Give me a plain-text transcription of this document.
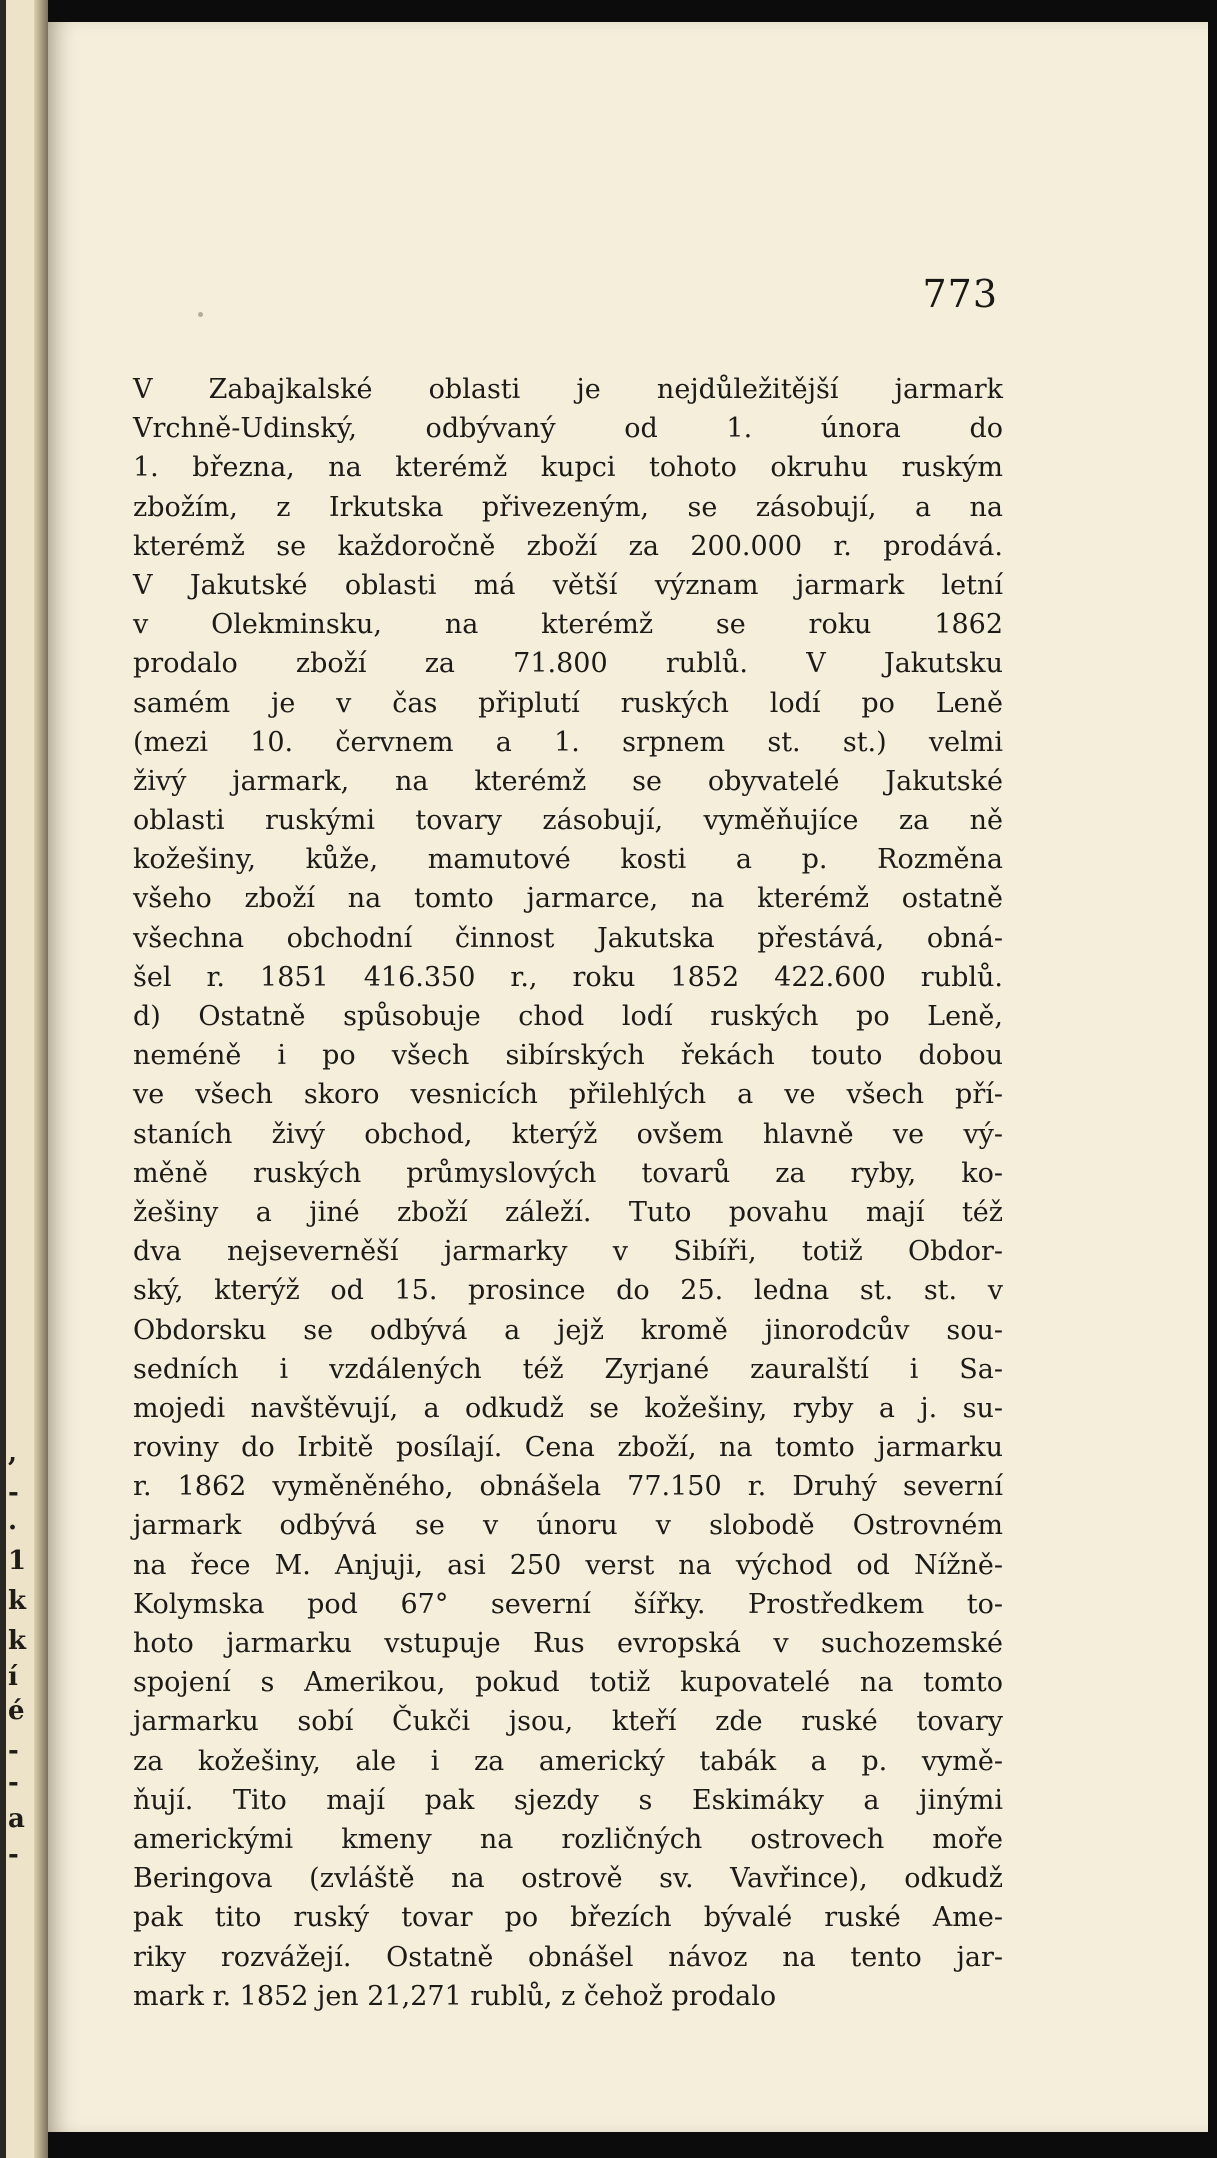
,
-
.
1
k
k
í
é
-
-
a
-
773
V Zabajkalské oblasti je nejdůležitější jarmark
Vrchně-Udinský, odbývaný od 1. února do
1. března, na kterémž kupci tohoto okruhu ruským
zbožím, z Irkutska přivezeným, se zásobují, a na
kterémž se každoročně zboží za 200.000 r. prodává.
V Jakutské oblasti má větší význam jarmark letní
v Olekminsku, na kterémž se roku 1862
prodalo zboží za 71.800 rublů. V Jakutsku
samém je v čas připlutí ruských lodí po Leně
(mezi 10. červnem a 1. srpnem st. st.) velmi
živý jarmark, na kterémž se obyvatelé Jakutské
oblasti ruskými tovary zásobují, vyměňujíce za ně
kožešiny, kůže, mamutové kosti a p. Rozměna
všeho zboží na tomto jarmarce, na kterémž ostatně
všechna obchodní činnost Jakutska přestává, obná-
šel r. 1851 416.350 r., roku 1852 422.600 rublů.
d) Ostatně spůsobuje chod lodí ruských po Leně,
neméně i po všech sibírských řekách touto dobou
ve všech skoro vesnicích přilehlých a ve všech pří-
staních živý obchod, kterýž ovšem hlavně ve vý-
měně ruských průmyslových tovarů za ryby, ko-
žešiny a jiné zboží záleží. Tuto povahu mají též
dva nejseverněší jarmarky v Sibíři, totiž Obdor-
ský, kterýž od 15. prosince do 25. ledna st. st. v
Obdorsku se odbývá a jejž kromě jinorodcův sou-
sedních i vzdálených též Zyrjané zauralští i Sa-
mojedi navštěvují, a odkudž se kožešiny, ryby a j. su-
roviny do Irbitě posílají. Cena zboží, na tomto jarmarku
r. 1862 vyměněného, obnášela 77.150 r. Druhý severní
jarmark odbývá se v únoru v slobodě Ostrovném
na řece M. Anjuji, asi 250 verst na východ od Nížně-
Kolymska pod 67° severní šířky. Prostředkem to-
hoto jarmarku vstupuje Rus evropská v suchozemské
spojení s Amerikou, pokud totiž kupovatelé na tomto
jarmarku sobí Čukči jsou, kteří zde ruské tovary
za kožešiny, ale i za americký tabák a p. vymě-
ňují. Tito mají pak sjezdy s Eskimáky a jinými
americkými kmeny na rozličných ostrovech moře
Beringova (zvláště na ostrově sv. Vavřince), odkudž
pak tito ruský tovar po březích bývalé ruské Ame-
riky rozvážejí. Ostatně obnášel návoz na tento jar-
mark r. 1852 jen 21,271 rublů, z čehož prodalo
